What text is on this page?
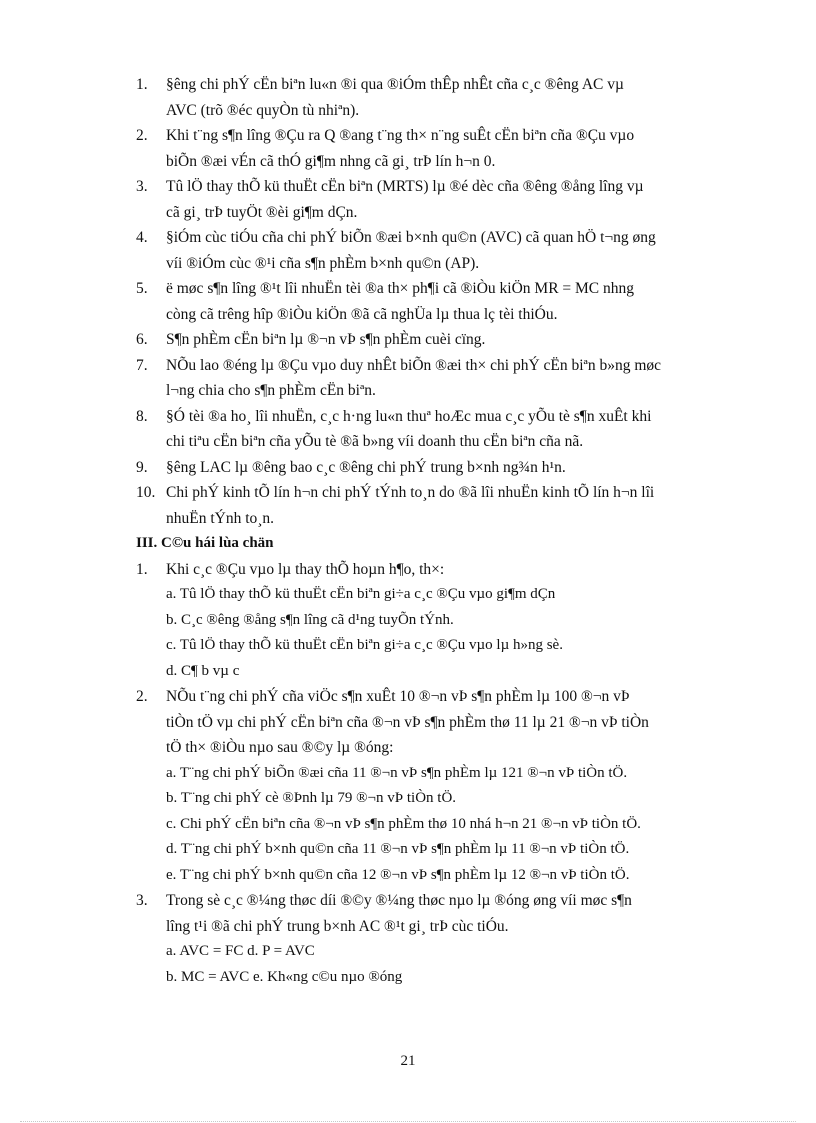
1. §êng chi phÝ cËn biªn lu«n ®i qua ®iÓm thÊp nhÊt cña c¸c ®êng AC vµ
AVC (trõ ®éc quyÒn tù nhiªn).
2. Khi t¨ng s¶n lîng ®Çu ra Q ®ang t¨ng th× n¨ng suÊt cËn biªn cña ®Çu vµo
biÕn ®æi vÉn cã thÓ gi¶m nhng cã gi¸ trÞ lín h¬n 0.
3. Tû lÖ thay thÕ kü thuËt cËn biªn (MRTS) lµ ®é dèc cña ®êng ®ång lîng vµ
cã gi¸ trÞ tuyÖt ®èi gi¶m dÇn.
4. §iÓm cùc tiÓu cña chi phÝ biÕn ®æi b×nh qu©n (AVC) cã quan hÖ t¬ng øng
víi ®iÓm cùc ®¹i cña s¶n phÈm b×nh qu©n (AP).
5. ë møc s¶n lîng ®¹t lîi nhuËn tèi ®a th× ph¶i cã ®iÒu kiÖn MR = MC nhng
còng cã trêng hîp ®iÒu kiÖn ®ã cã nghÜa lµ thua lç tèi thiÓu.
6. S¶n phÈm cËn biªn lµ ®¬n vÞ s¶n phÈm cuèi cïng.
7. NÕu lao ®éng lµ ®Çu vµo duy nhÊt biÕn ®æi th× chi phÝ cËn biªn b»ng møc
l¬ng chia cho s¶n phÈm cËn biªn.
8. §Ó tèi ®a ho¸ lîi nhuËn, c¸c h·ng lu«n thuª hoÆc mua c¸c yÕu tè s¶n xuÊt khi
chi tiªu cËn biªn cña yÕu tè ®ã b»ng víi doanh thu cËn biªn cña nã.
9. §êng LAC lµ ®êng bao c¸c ®êng chi phÝ trung b×nh ng¾n h¹n.
10. Chi phÝ kinh tÕ lín h¬n chi phÝ tÝnh to¸n do ®ã lîi nhuËn kinh tÕ lín h¬n lîi
nhuËn tÝnh to¸n.
III. C©u hái lùa chän
1. Khi c¸c ®Çu vµo lµ thay thÕ hoµn h¶o, th×:
a. Tû lÖ thay thÕ kü thuËt cËn biªn gi÷a c¸c ®Çu vµo gi¶m dÇn
b. C¸c ®êng ®ång s¶n lîng cã d¹ng tuyÕn tÝnh.
c. Tû lÖ thay thÕ kü thuËt cËn biªn gi÷a c¸c ®Çu vµo lµ h»ng sè.
d. C¶ b vµ c
2. NÕu t¨ng chi phÝ cña viÖc s¶n xuÊt 10 ®¬n vÞ s¶n phÈm lµ 100 ®¬n vÞ
tiÒn tÖ vµ chi phÝ cËn biªn cña ®¬n vÞ s¶n phÈm thø 11 lµ 21 ®¬n vÞ tiÒn
tÖ th× ®iÒu nµo sau ®©y lµ ®óng:
a. T¨ng chi phÝ biÕn ®æi cña 11 ®¬n vÞ s¶n phÈm lµ 121 ®¬n vÞ tiÒn tÖ.
b. T¨ng chi phÝ cè ®Þnh lµ 79 ®¬n vÞ tiÒn tÖ.
c. Chi phÝ cËn biªn cña ®¬n vÞ s¶n phÈm thø 10 nhá h¬n 21 ®¬n vÞ tiÒn tÖ.
d. T¨ng chi phÝ b×nh qu©n cña 11 ®¬n vÞ s¶n phÈm lµ 11 ®¬n vÞ tiÒn tÖ.
e. T¨ng chi phÝ b×nh qu©n cña 12 ®¬n vÞ s¶n phÈm lµ 12 ®¬n vÞ tiÒn tÖ.
3. Trong sè c¸c ®¼ng thøc díi ®©y ®¼ng thøc nµo lµ ®óng øng víi møc s¶n
lîng t¹i ®ã chi phÝ trung b×nh AC ®¹t gi¸ trÞ cùc tiÓu.
a. AVC = FC d. P = AVC
b. MC = AVC e. Kh«ng c©u nµo ®óng
21
